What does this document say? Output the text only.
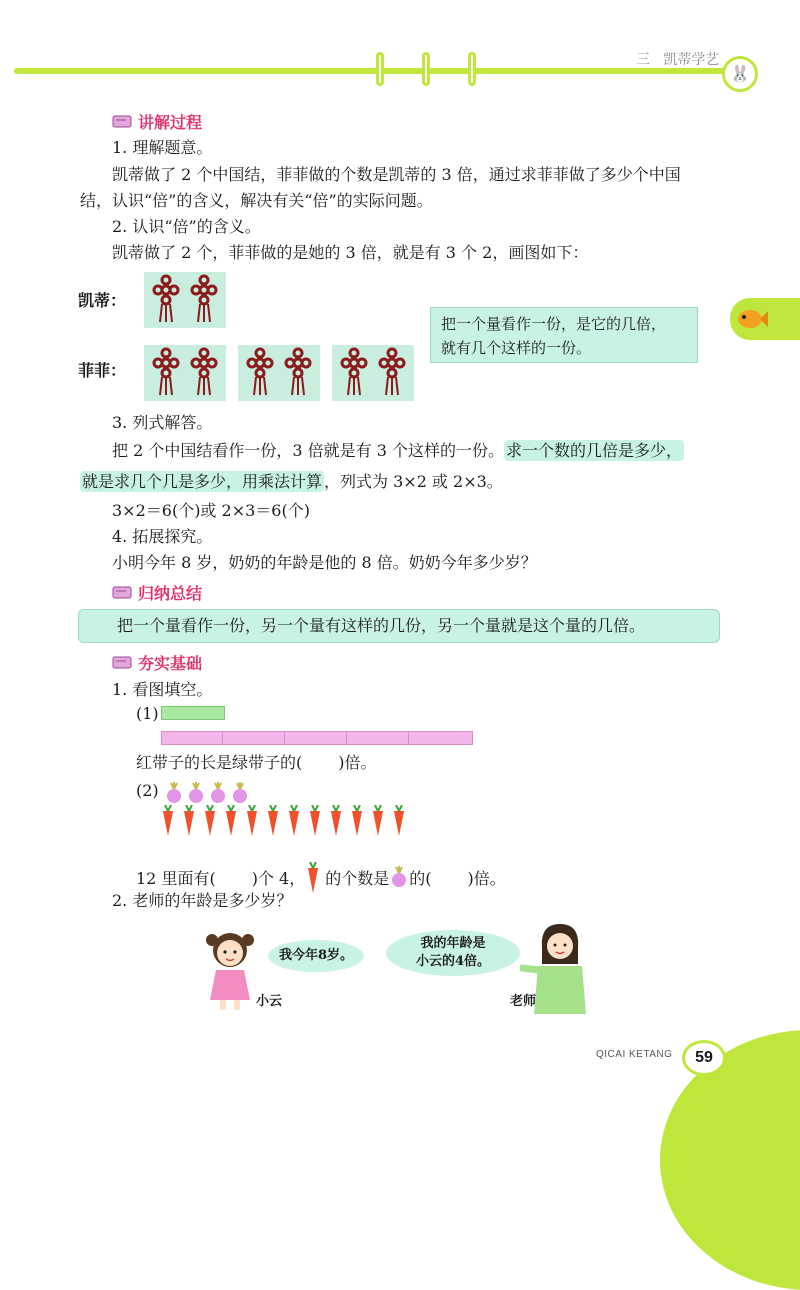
三 凯蒂学艺
🐰
讲解过程
1. 理解题意。
凯蒂做了 2 个中国结，菲菲做的个数是凯蒂的 3 倍，通过求菲菲做了多少个中国
结，认识“倍”的含义，解决有关“倍”的实际问题。
2. 认识“倍”的含义。
凯蒂做了 2 个，菲菲做的是她的 3 倍，就是有 3 个 2，画图如下：
凯蒂：
菲菲：
把一个量看作一份，是它的几倍，
就有几个这样的一份。
3. 列式解答。
把 2 个中国结看作一份，3 倍就是有 3 个这样的一份。 求一个数的几倍是多少，
就是求几个几是多少，用乘法计算 ，列式为 3×2 或 2×3。
3×2＝6(个)或 2×3＝6(个)
4. 拓展探究。
小明今年 8 岁，奶奶的年龄是他的 8 倍。奶奶今年多少岁？
归纳总结
把一个量看作一份，另一个量有这样的几份，另一个量就是这个量的几倍。
夯实基础
1. 看图填空。
(1)
红带子的长是绿带子的( )倍。
(2)
12 里面有( )个 4， 的个数是 的( )倍。
2. 老师的年龄是多少岁？
我今年8岁。
小云
我的年龄是
小云的4倍。
老师
QICAI KETANG	59
